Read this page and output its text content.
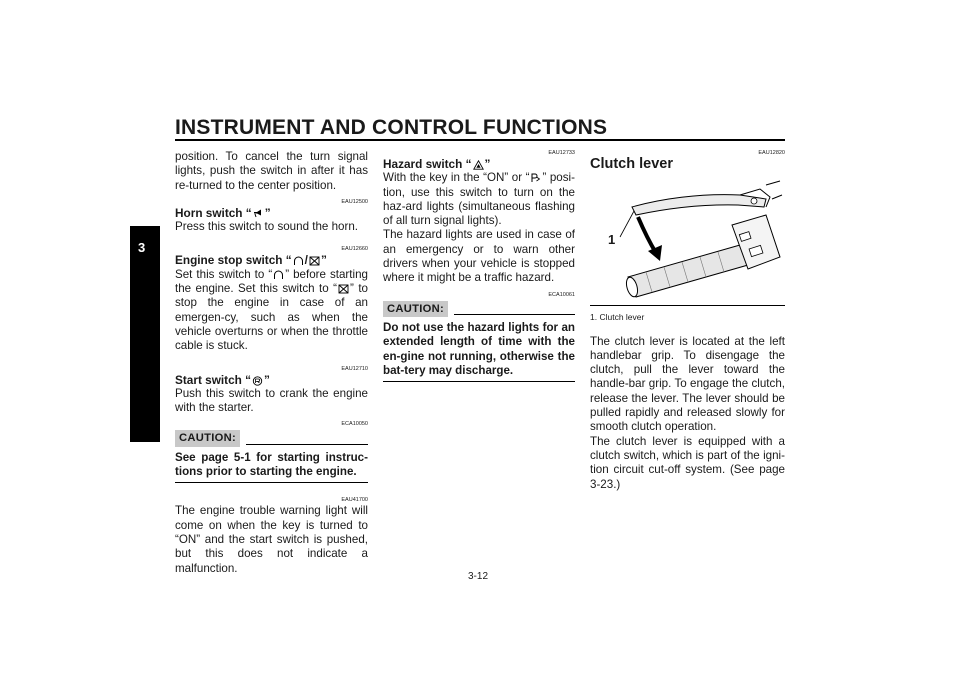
INSTRUMENT AND CONTROL FUNCTIONS
3

position. To cancel the turn signal lights, push the switch in after it has re-turned to the center position.

EAU12500

Horn switch “ ”

Press this switch to sound the horn.

EAU12660

Engine stop switch “ / ”

Set this switch to “ ” before starting the engine. Set this switch to “ ” to stop the engine in case of an emergen-cy, such as when the vehicle overturns or when the throttle cable is stuck.

EAU12710

Start switch “ ”

Push this switch to crank the engine with the starter.

ECA10050

CAUTION:

See page 5-1 for starting instruc-tions prior to starting the engine.

EAU41700

The engine trouble warning light will come on when the key is turned to “ON” and the start switch is pushed, but this does not indicate a malfunction.

EAU12733

Hazard switch “ ”

With the key in the “ON” or “ ” posi-tion, use this switch to turn on the haz-ard lights (simultaneous flashing of all turn signal lights).

The hazard lights are used in case of an emergency or to warn other drivers when your vehicle is stopped where it might be a traffic hazard.

ECA10061

CAUTION:

Do not use the hazard lights for an extended length of time with the en-gine not running, otherwise the bat-tery may discharge.

EAU12820

Clutch lever

1

1. Clutch lever

The clutch lever is located at the left handlebar grip. To disengage the clutch, pull the lever toward the handle-bar grip. To engage the clutch, release the lever. The lever should be pulled rapidly and released slowly for smooth clutch operation.

The clutch lever is equipped with a clutch switch, which is part of the igni-tion circuit cut-off system. (See page 3-23.)

3-12
